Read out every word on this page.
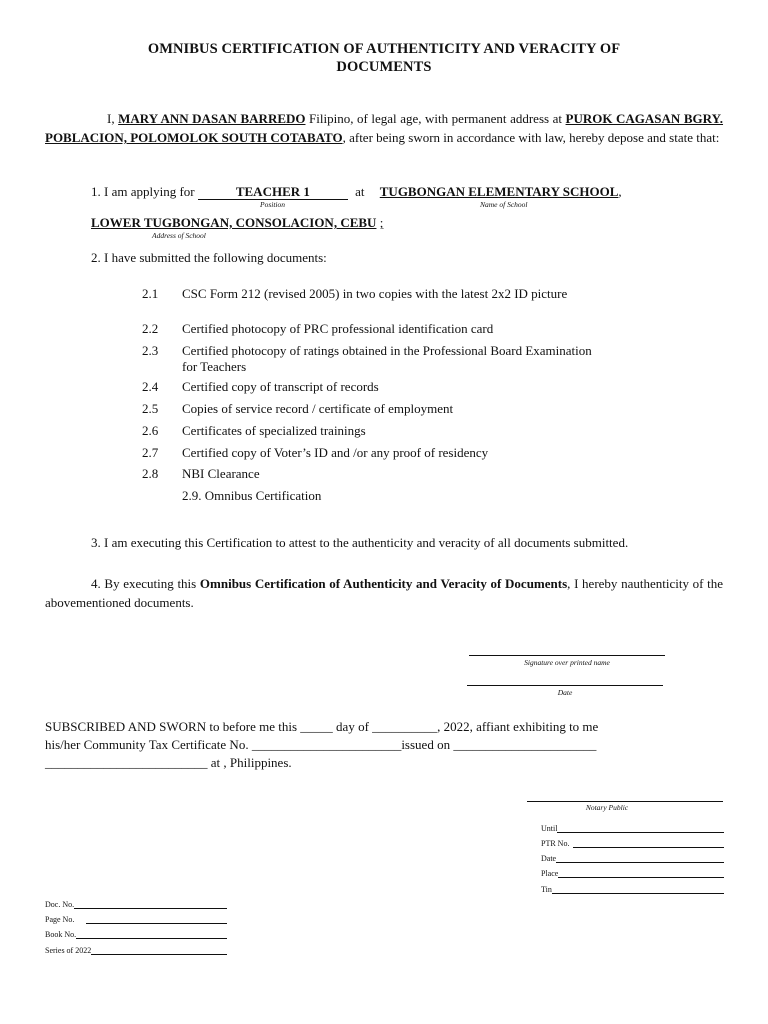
OMNIBUS CERTIFICATION OF AUTHENTICITY AND VERACITY OF
DOCUMENTS
I, MARY ANN DASAN BARREDO Filipino, of legal age, with permanent address at PUROK CAGASAN BGRY. POBLACION, POLOMOLOK SOUTH COTABATO, after being sworn in accordance with law, hereby depose and state that:
1. I am applying for	TEACHER 1	at TUGBONGAN ELEMENTARY SCHOOL,
Position	Name of School
LOWER TUGBONGAN, CONSOLACION, CEBU ;
Address of School
2. I have submitted the following documents:
2.1 CSC Form 212 (revised 2005) in two copies with the latest 2x2 ID picture
2.2 Certified photocopy of PRC professional identification card
2.3 Certified photocopy of ratings obtained in the Professional Board Examination for Teachers
2.4 Certified copy of transcript of records
2.5 Copies of service record / certificate of employment
2.6 Certificates of specialized trainings
2.7 Certified copy of Voter’s ID and /or any proof of residency
2.8 NBI Clearance
2.9. Omnibus Certification
3. I am executing this Certification to attest to the authenticity and veracity of all documents submitted.
4. By executing this Omnibus Certification of Authenticity and Veracity of Documents, I hereby nauthenticity of the abovementioned documents.
Signature over printed name
Date
SUBSCRIBED AND SWORN to before me this _____ day of __________, 2022, affiant exhibiting to me
his/her Community Tax Certificate No. _______________________issued on ______________________
_________________________ at , Philippines.
Notary Public
Until
PTR No.
Date
Place
Tin
Doc. No.
Page No.
Book No.
Series of 2022
